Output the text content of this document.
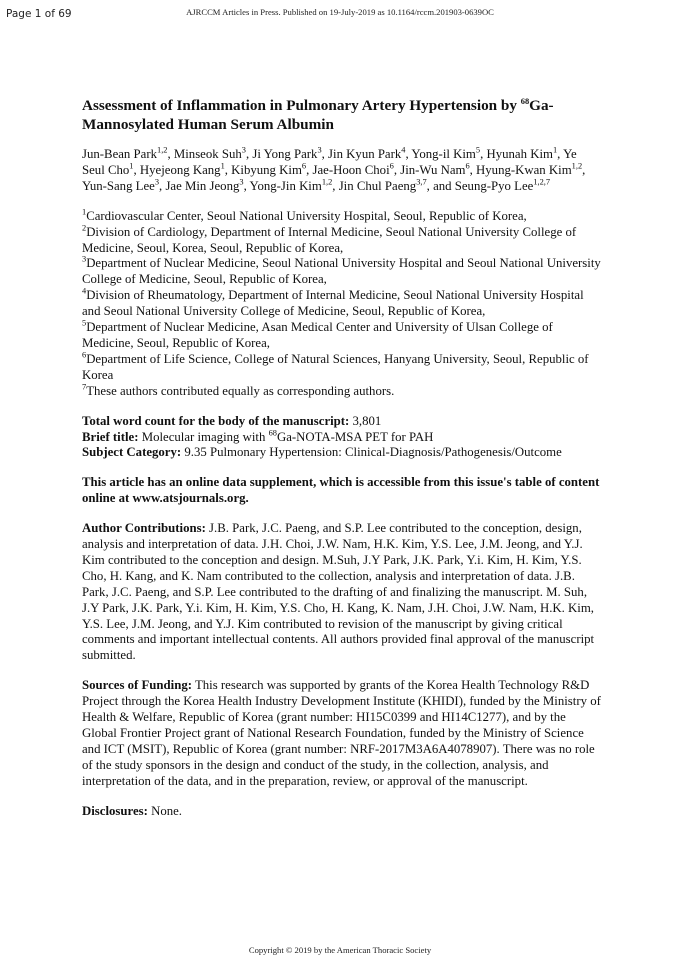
Page 1 of 69	AJRCCM Articles in Press. Published on 19-July-2019 as 10.1164/rccm.201903-0639OC
Assessment of Inflammation in Pulmonary Artery Hypertension by $^{68}$Ga-Mannosylated Human Serum Albumin
Jun-Bean Park$^{1,2}$, Minseok Suh$^3$, Ji Yong Park$^3$, Jin Kyun Park$^4$, Yong-il Kim$^5$, Hyunah Kim$^1$, Ye Seul Cho$^1$, Hyejeong Kang$^1$, Kibyung Kim$^6$, Jae-Hoon Choi$^6$, Jin-Wu Nam$^6$, Hyung-Kwan Kim$^{1,2}$, Yun-Sang Lee$^3$, Jae Min Jeong$^3$, Yong-Jin Kim$^{1,2}$, Jin Chul Paeng$^{3,7}$, and Seung-Pyo Lee$^{1,2,7}$
$^1$Cardiovascular Center, Seoul National University Hospital, Seoul, Republic of Korea,
$^2$Division of Cardiology, Department of Internal Medicine, Seoul National University College of Medicine, Seoul, Korea, Seoul, Republic of Korea,
$^3$Department of Nuclear Medicine, Seoul National University Hospital and Seoul National University College of Medicine, Seoul, Republic of Korea,
$^4$Division of Rheumatology, Department of Internal Medicine, Seoul National University Hospital and Seoul National University College of Medicine, Seoul, Republic of Korea,
$^5$Department of Nuclear Medicine, Asan Medical Center and University of Ulsan College of Medicine, Seoul, Republic of Korea,
$^6$Department of Life Science, College of Natural Sciences, Hanyang University, Seoul, Republic of Korea
$^7$These authors contributed equally as corresponding authors.
Total word count for the body of the manuscript: 3,801
Brief title: Molecular imaging with $^{68}$Ga-NOTA-MSA PET for PAH
Subject Category: 9.35 Pulmonary Hypertension: Clinical-Diagnosis/Pathogenesis/Outcome
This article has an online data supplement, which is accessible from this issue's table of content online at www.atsjournals.org.
Author Contributions: J.B. Park, J.C. Paeng, and S.P. Lee contributed to the conception, design, analysis and interpretation of data. J.H. Choi, J.W. Nam, H.K. Kim, Y.S. Lee, J.M. Jeong, and Y.J. Kim contributed to the conception and design. M.Suh, J.Y Park, J.K. Park, Y.i. Kim, H. Kim, Y.S. Cho, H. Kang, and K. Nam contributed to the collection, analysis and interpretation of data. J.B. Park, J.C. Paeng, and S.P. Lee contributed to the drafting of and finalizing the manuscript. M. Suh, J.Y Park, J.K. Park, Y.i. Kim, H. Kim, Y.S. Cho, H. Kang, K. Nam, J.H. Choi, J.W. Nam, H.K. Kim, Y.S. Lee, J.M. Jeong, and Y.J. Kim contributed to revision of the manuscript by giving critical comments and important intellectual contents. All authors provided final approval of the manuscript submitted.
Sources of Funding: This research was supported by grants of the Korea Health Technology R&D Project through the Korea Health Industry Development Institute (KHIDI), funded by the Ministry of Health & Welfare, Republic of Korea (grant number: HI15C0399 and HI14C1277), and by the Global Frontier Project grant of National Research Foundation, funded by the Ministry of Science and ICT (MSIT), Republic of Korea (grant number: NRF-2017M3A6A4078907). There was no role of the study sponsors in the design and conduct of the study, in the collection, analysis, and interpretation of the data, and in the preparation, review, or approval of the manuscript.
Disclosures: None.
Copyright © 2019 by the American Thoracic Society
